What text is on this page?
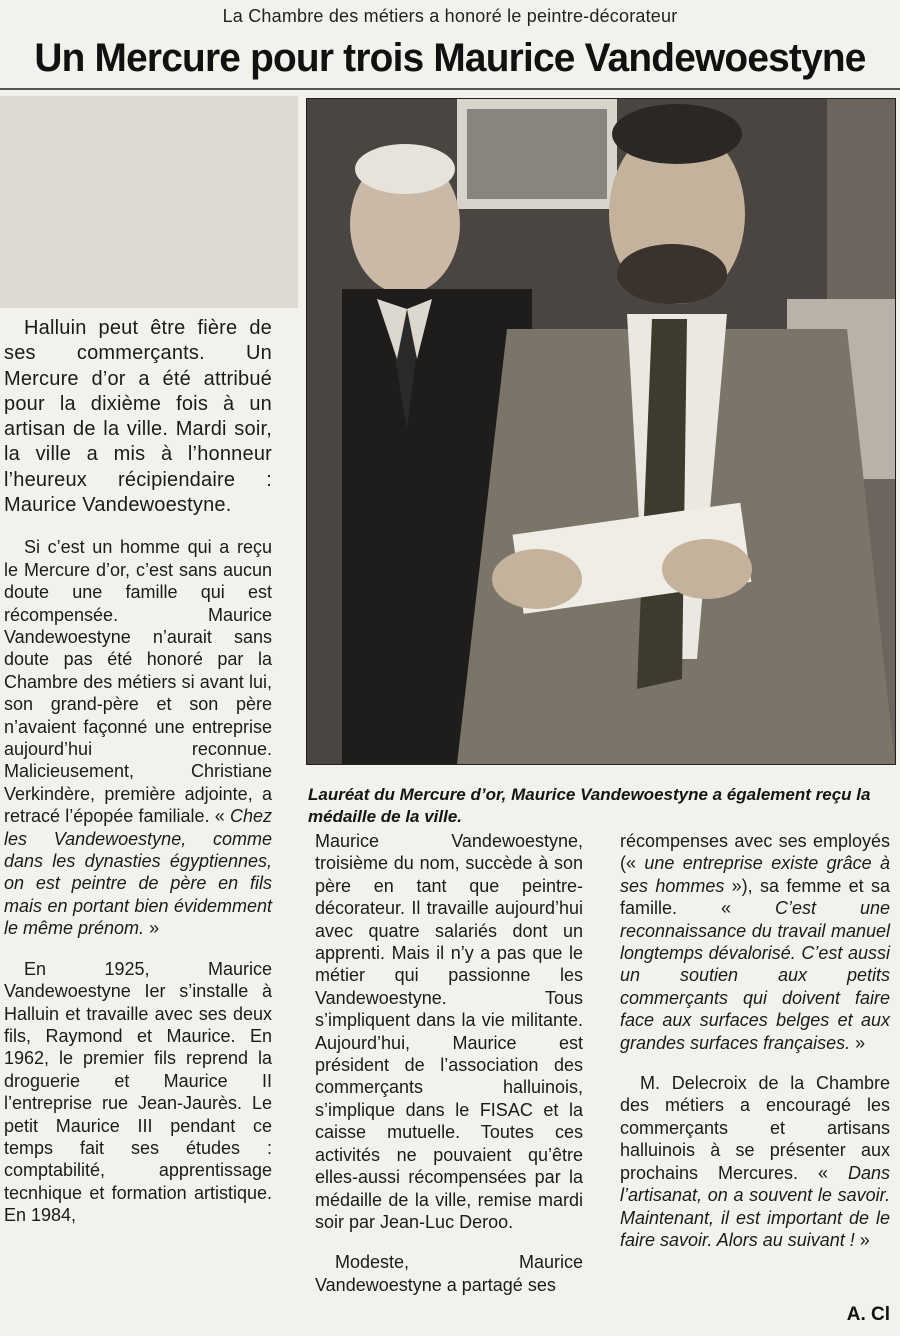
La Chambre des métiers a honoré le peintre-décorateur
Un Mercure pour trois Maurice Vandewoestyne
Lauréat du Mercure d’or, Maurice Vandewoestyne a également reçu la médaille de la ville.

Halluin peut être fière de ses commerçants. Un Mercure d’or a été attribué pour la dixième fois à un artisan de la ville. Mardi soir, la ville a mis à l’honneur l’heureux récipiendaire : Maurice Vandewoestyne.

Si c’est un homme qui a reçu le Mercure d’or, c’est sans aucun doute une famille qui est récompensée. Maurice Vandewoestyne n’aurait sans doute pas été honoré par la Chambre des métiers si avant lui, son grand-père et son père n’avaient façonné une entreprise aujourd’hui reconnue. Malicieusement, Christiane Verkindère, première adjointe, a retracé l’épopée familiale. « Chez les Vandewoestyne, comme dans les dynasties égyptiennes, on est peintre de père en fils mais en portant bien évidemment le même prénom. »

En 1925, Maurice Vandewoestyne Ier s’installe à Halluin et travaille avec ses deux fils, Raymond et Maurice. En 1962, le premier fils reprend la droguerie et Maurice II l’entreprise rue Jean-Jaurès. Le petit Maurice III pendant ce temps fait ses études : comptabilité, apprentissage tecnhique et formation artistique. En 1984,

Maurice Vandewoestyne, troisième du nom, succède à son père en tant que peintre-décorateur. Il travaille aujourd’hui avec quatre salariés dont un apprenti. Mais il n’y a pas que le métier qui passionne les Vandewoestyne. Tous s’impliquent dans la vie militante. Aujourd’hui, Maurice est président de l’association des commerçants halluinois, s’implique dans le FISAC et la caisse mutuelle. Toutes ces activités ne pouvaient qu’être elles-aussi récompensées par la médaille de la ville, remise mardi soir par Jean-Luc Deroo.

Modeste, Maurice Vandewoestyne a partagé ses

récompenses avec ses employés (« une entreprise existe grâce à ses hommes »), sa femme et sa famille. « C’est une reconnaissance du travail manuel longtemps dévalorisé. C’est aussi un soutien aux petits commerçants qui doivent faire face aux surfaces belges et aux grandes surfaces françaises. »

M. Delecroix de la Chambre des métiers a encouragé les commerçants et artisans halluinois à se présenter aux prochains Mercures. « Dans l’artisanat, on a souvent le savoir. Maintenant, il est important de le faire savoir. Alors au suivant ! »

A. Cl
